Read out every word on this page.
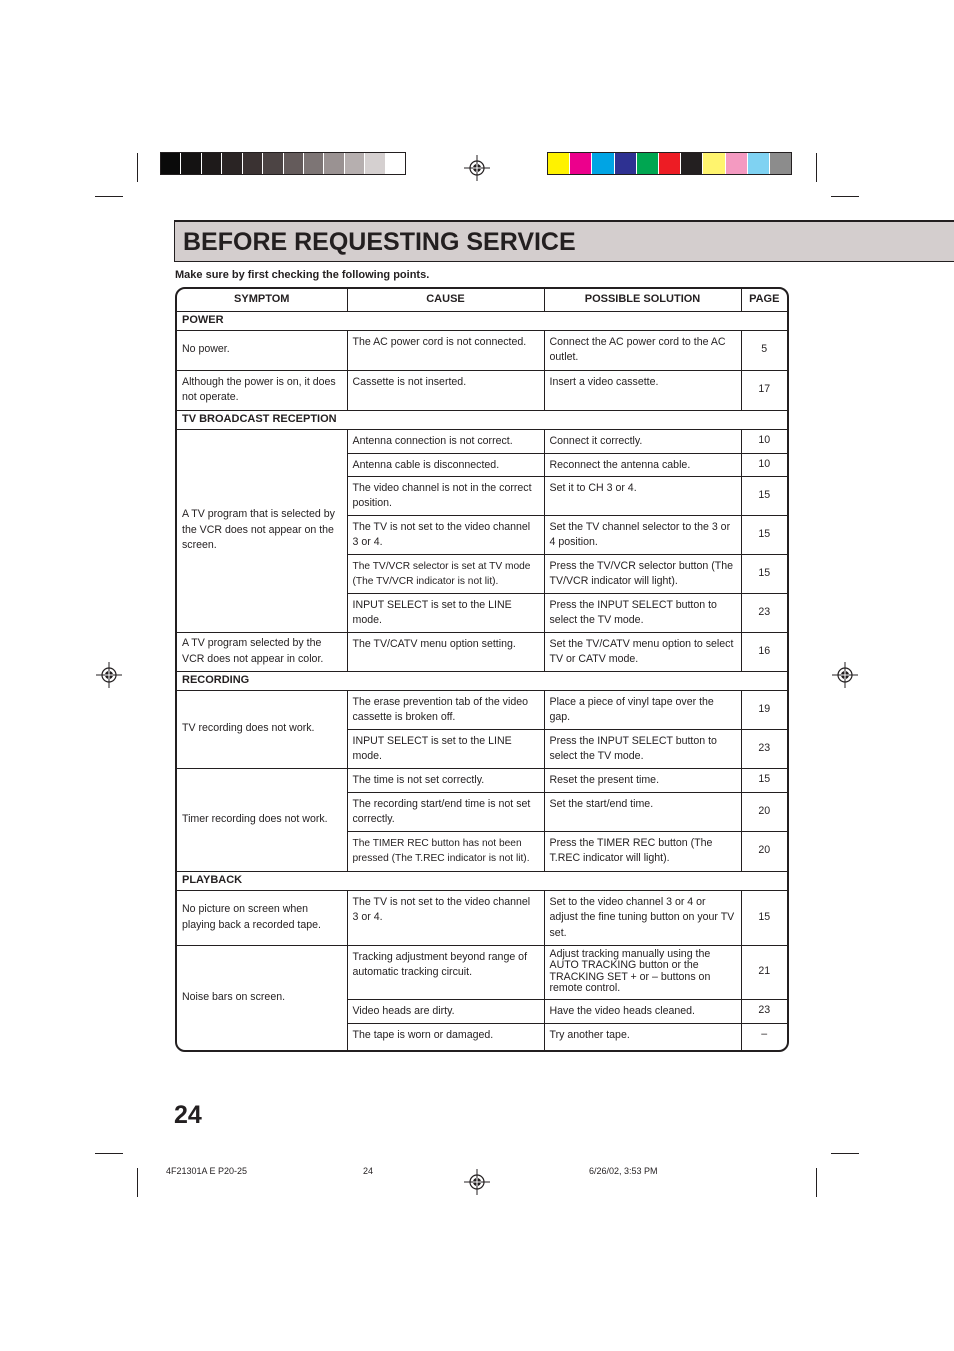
BEFORE REQUESTING SERVICE
Make sure by first checking the following points.
SYMPTOM	CAUSE	POSSIBLE SOLUTION	PAGE
POWER			
No power.	The AC power cord is not connected.	Connect the AC power cord to the AC outlet.	5
Although the power is on, it does not operate.	Cassette is not inserted.	Insert a video cassette.	17
TV BROADCAST RECEPTION			
A TV program that is selected by the VCR does not appear on the screen.	Antenna connection is not correct.	Connect it correctly.	10
	Antenna cable is disconnected.	Reconnect the antenna cable.	10
	The video channel is not in the correct position.	Set it to CH 3 or 4.	15
	The TV is not set to the video channel 3 or 4.	Set the TV channel selector to the 3 or 4 position.	15
	The TV/VCR selector is set at TV mode (The TV/VCR indicator is not lit).	Press the TV/VCR selector button (The TV/VCR indicator will light).	15
	INPUT SELECT is set to the LINE mode.	Press the INPUT SELECT button to select the TV mode.	23
A TV program selected by the VCR does not appear in color.	The TV/CATV menu option setting.	Set the TV/CATV menu option to select TV or CATV mode.	16
RECORDING			
TV recording does not work.	The erase prevention tab of the video cassette is broken off.	Place a piece of vinyl tape over the gap.	19
	INPUT SELECT is set to the LINE mode.	Press the INPUT SELECT button to select the TV mode.	23
Timer recording does not work.	The time is not set correctly.	Reset the present time.	15
	The recording start/end time is not set correctly.	Set the start/end time.	20
	The TIMER REC button has not been pressed (The T.REC indicator is not lit).	Press the TIMER REC button (The T.REC indicator will light).	20
PLAYBACK			
No picture on screen when playing back a recorded tape.	The TV is not set to the video channel 3 or 4.	Set to the video channel 3 or 4 or adjust the fine tuning button on your TV set.	15
Noise bars on screen.	Tracking adjustment beyond range of automatic tracking circuit.	Adjust tracking manually using the AUTO TRACKING button or the TRACKING SET + or – buttons on remote control.	21
	Video heads are dirty.	Have the video heads cleaned.	23
	The tape is worn or damaged.	Try another tape.	–
24
4F21301A E P20-25	24	6/26/02, 3:53 PM
